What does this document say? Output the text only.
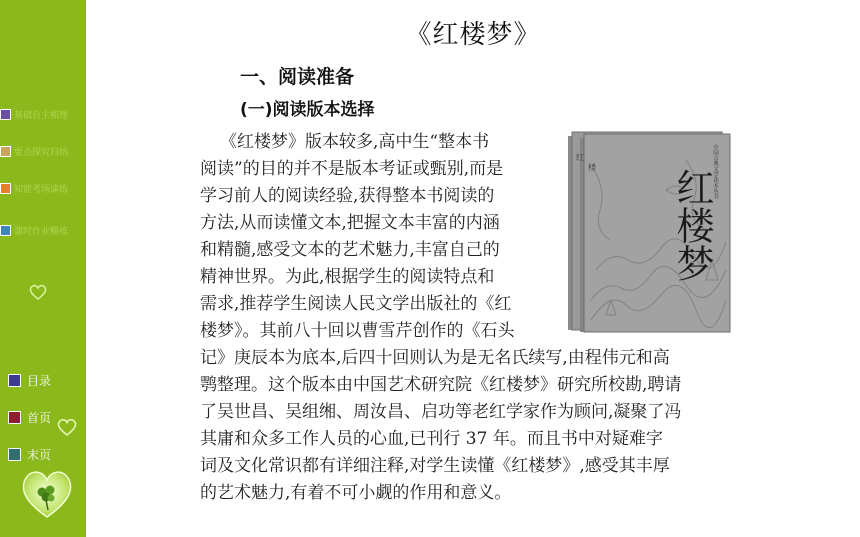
基础自主梳理
要点探究归纳
知能考场演练
课时作业精练
目录
首页
末页
《红楼梦》
一、阅读准备
(一)阅读版本选择
《红楼梦》版本较多,高中生“整本书
阅读”的目的并不是版本考证或甄别,而是
学习前人的阅读经验,获得整本书阅读的
方法,从而读懂文本,把握文本丰富的内涵
和精髓,感受文本的艺术魅力,丰富自己的
精神世界。为此,根据学生的阅读特点和
需求,推荐学生阅读人民文学出版社的《红
楼梦》。其前八十回以曹雪芹创作的《石头
记》庚辰本为底本,后四十回则认为是无名氏续写,由程伟元和高
鹗整理。这个版本由中国艺术研究院《红楼梦》研究所校勘,聘请
了吴世昌、吴组缃、周汝昌、启功等老红学家作为顾问,凝聚了冯
其庸和众多工作人员的心血,已刊行 37 年。而且书中对疑难字
词及文化常识都有详细注释,对学生读懂《红楼梦》,感受其丰厚
的艺术魅力,有着不可小觑的作用和意义。
红
楼	中国古典文学读本丛书
红楼梦
